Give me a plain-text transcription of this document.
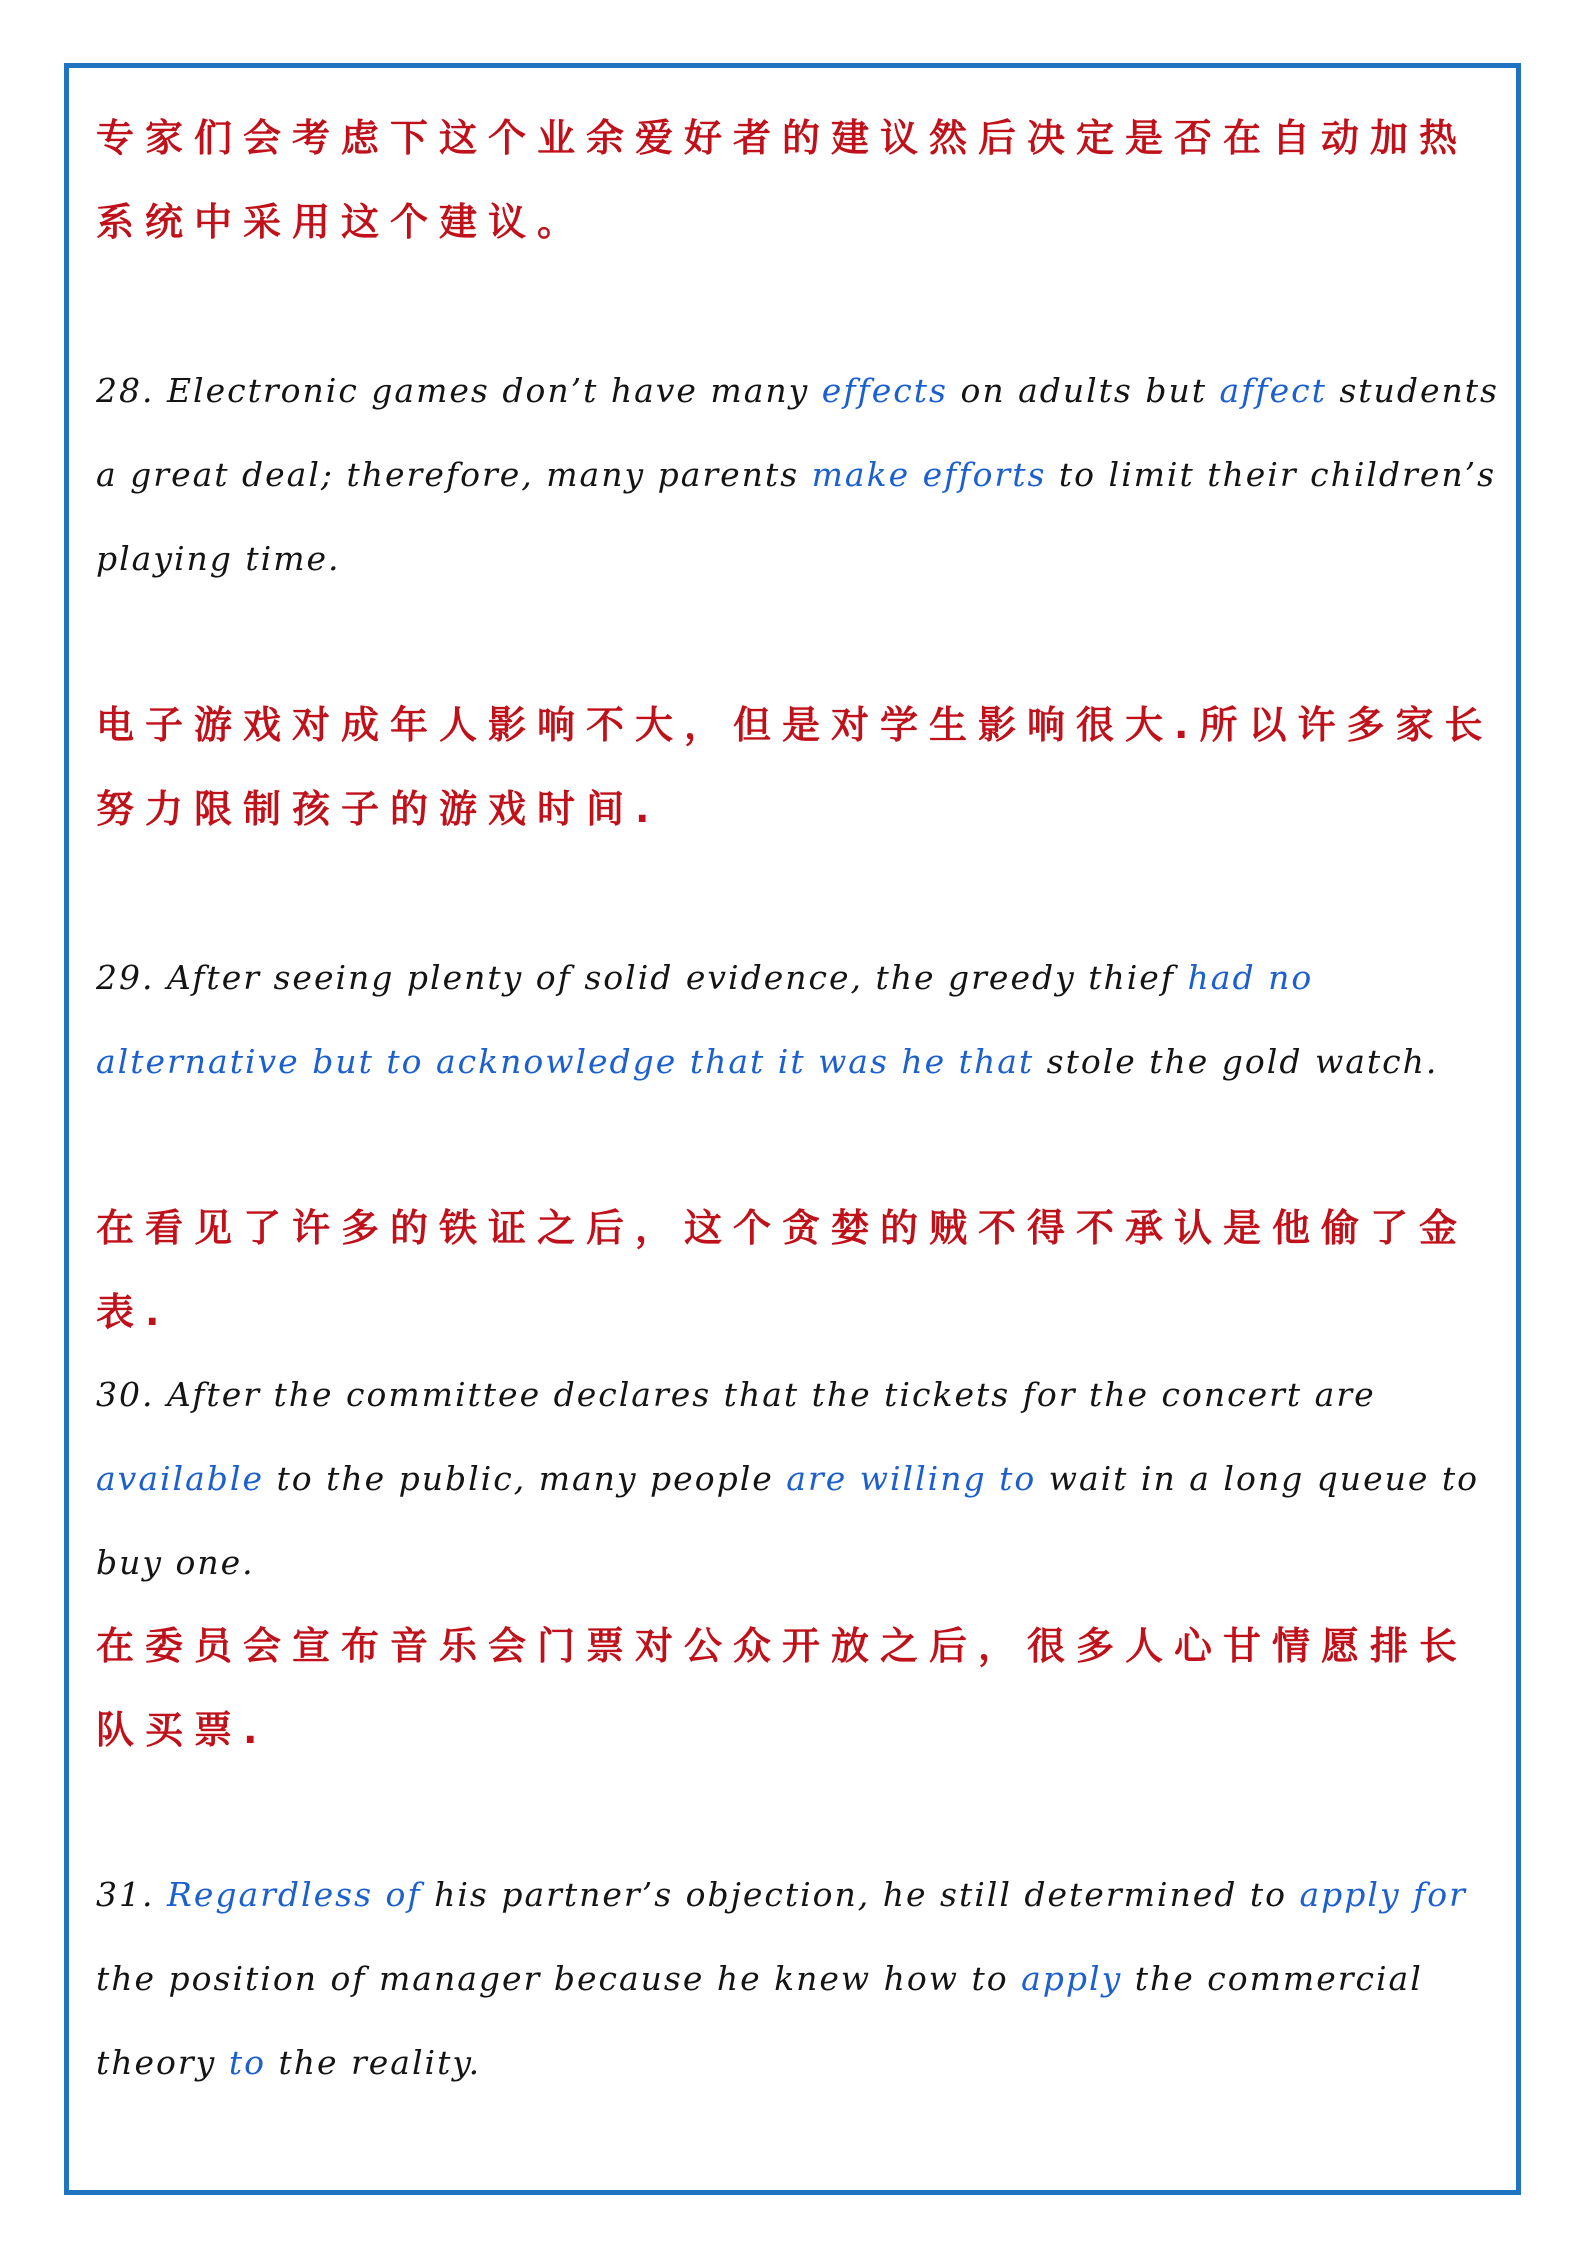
专家们会考虑下这个业余爱好者的建议然后决定是否在自动加热系统中采用这个建议。

28. Electronic games don’t have many effects on adults but affect students a great deal; therefore, many parents make efforts to limit their children’s playing time.

电子游戏对成年人影响不大，但是对学生影响很大.所以许多家长努力限制孩子的游戏时间.

29. After seeing plenty of solid evidence, the greedy thief had no alternative but to acknowledge that it was he that stole the gold watch.

在看见了许多的铁证之后，这个贪婪的贼不得不承认是他偷了金表.

30. After the committee declares that the tickets for the concert are available to the public, many people are willing to wait in a long queue to buy one.

在委员会宣布音乐会门票对公众开放之后，很多人心甘情愿排长队买票.

31. Regardless of his partner’s objection, he still determined to apply for the position of manager because he knew how to apply the commercial theory to the reality.
